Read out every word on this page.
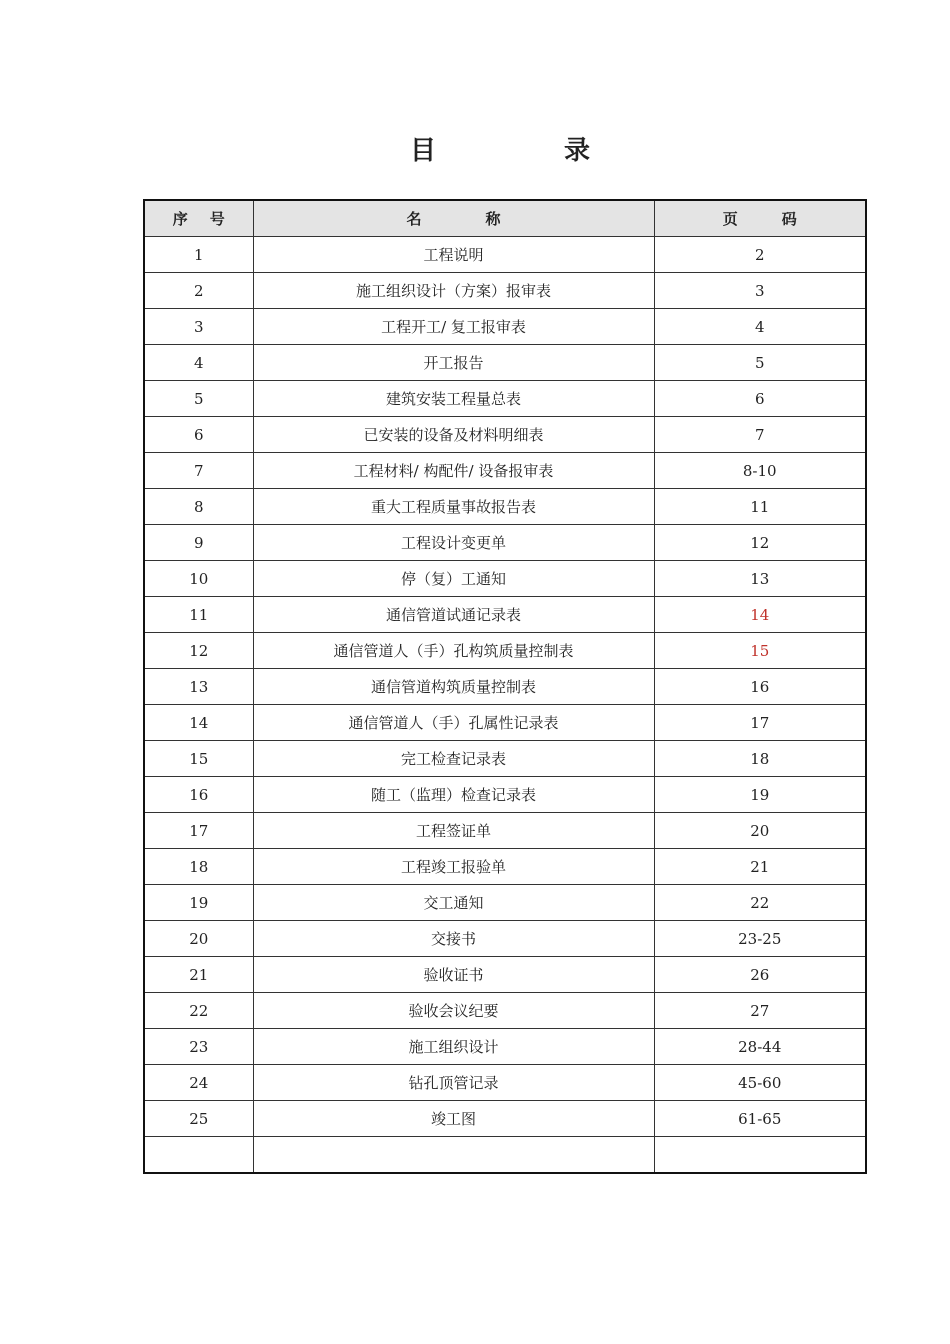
目	录
序 号	名 称	页 码
1	工程说明	2
2	施工组织设计（方案）报审表	3
3	工程开工/ 复工报审表	4
4	开工报告	5
5	建筑安装工程量总表	6
6	已安装的设备及材料明细表	7
7	工程材料/ 构配件/ 设备报审表	8-10
8	重大工程质量事故报告表	11
9	工程设计变更单	12
10	停（复）工通知	13
11	通信管道试通记录表	14
12	通信管道人（手）孔构筑质量控制表	15
13	通信管道构筑质量控制表	16
14	通信管道人（手）孔属性记录表	17
15	完工检查记录表	18
16	随工（监理）检查记录表	19
17	工程签证单	20
18	工程竣工报验单	21
19	交工通知	22
20	交接书	23-25
21	验收证书	26
22	验收会议纪要	27
23	施工组织设计	28-44
24	钻孔顶管记录	45-60
25	竣工图	61-65
